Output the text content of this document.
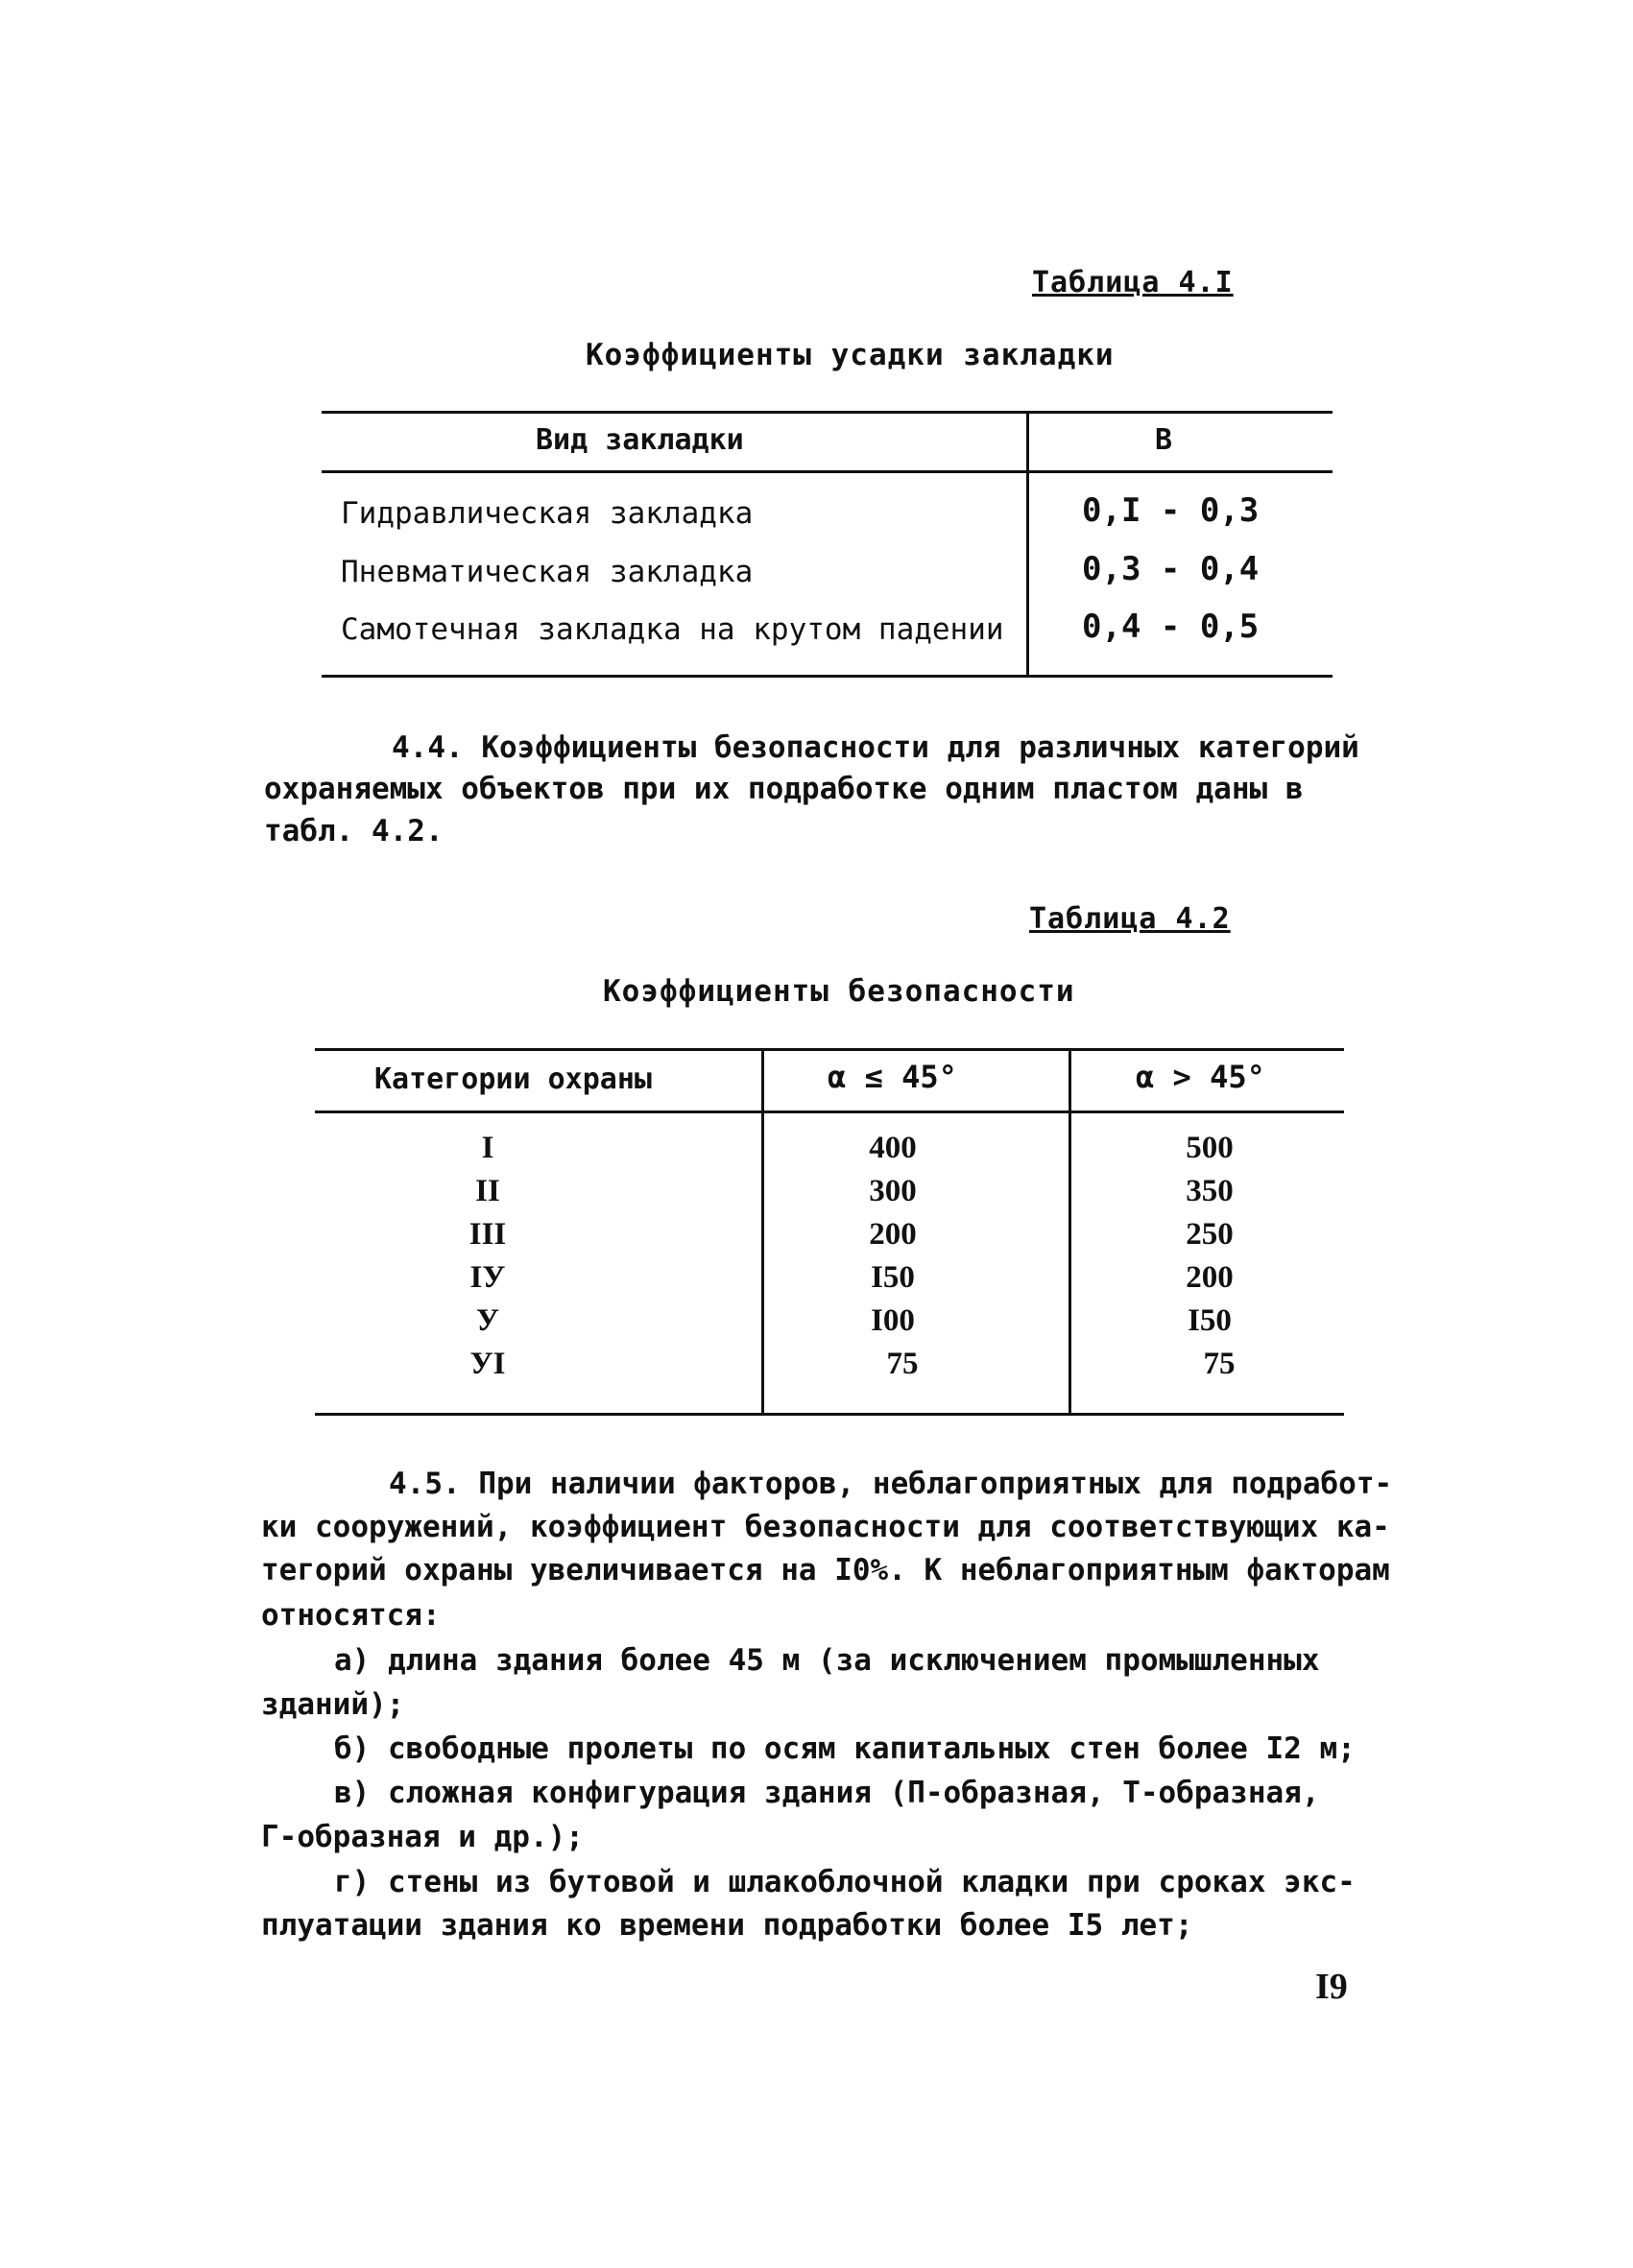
Таблица 4.I
Коэффициенты усадки закладки
Вид закладки	B
Гидравлическая закладка	0,I - 0,3
Пневматическая закладка	0,3 - 0,4
Самотечная закладка на крутом падении 0,4 - 0,5
4.4. Коэффициенты безопасности для различных категорий
охраняемых объектов при их подработке одним пластом даны в
табл. 4.2.
Таблица 4.2
Коэффициенты безопасности
Категории охраны	α ≤ 45°	α > 45°
I	400	500
II	300	350
III	200	250
IУ	I50	200
У	I00	I50
УI	75	75
4.5. При наличии факторов, неблагоприятных для подработ-
ки сооружений, коэффициент безопасности для соответствующих ка-
тегорий охраны увеличивается на I0%. К неблагоприятным факторам
относятся:
а) длина здания более 45 м (за исключением промышленных
зданий);
б) свободные пролеты по осям капитальных стен более I2 м;
в) сложная конфигурация здания (П-образная, Т-образная,
Г-образная и др.);
г) стены из бутовой и шлакоблочной кладки при сроках экс-
плуатации здания ко времени подработки более I5 лет;
I9
